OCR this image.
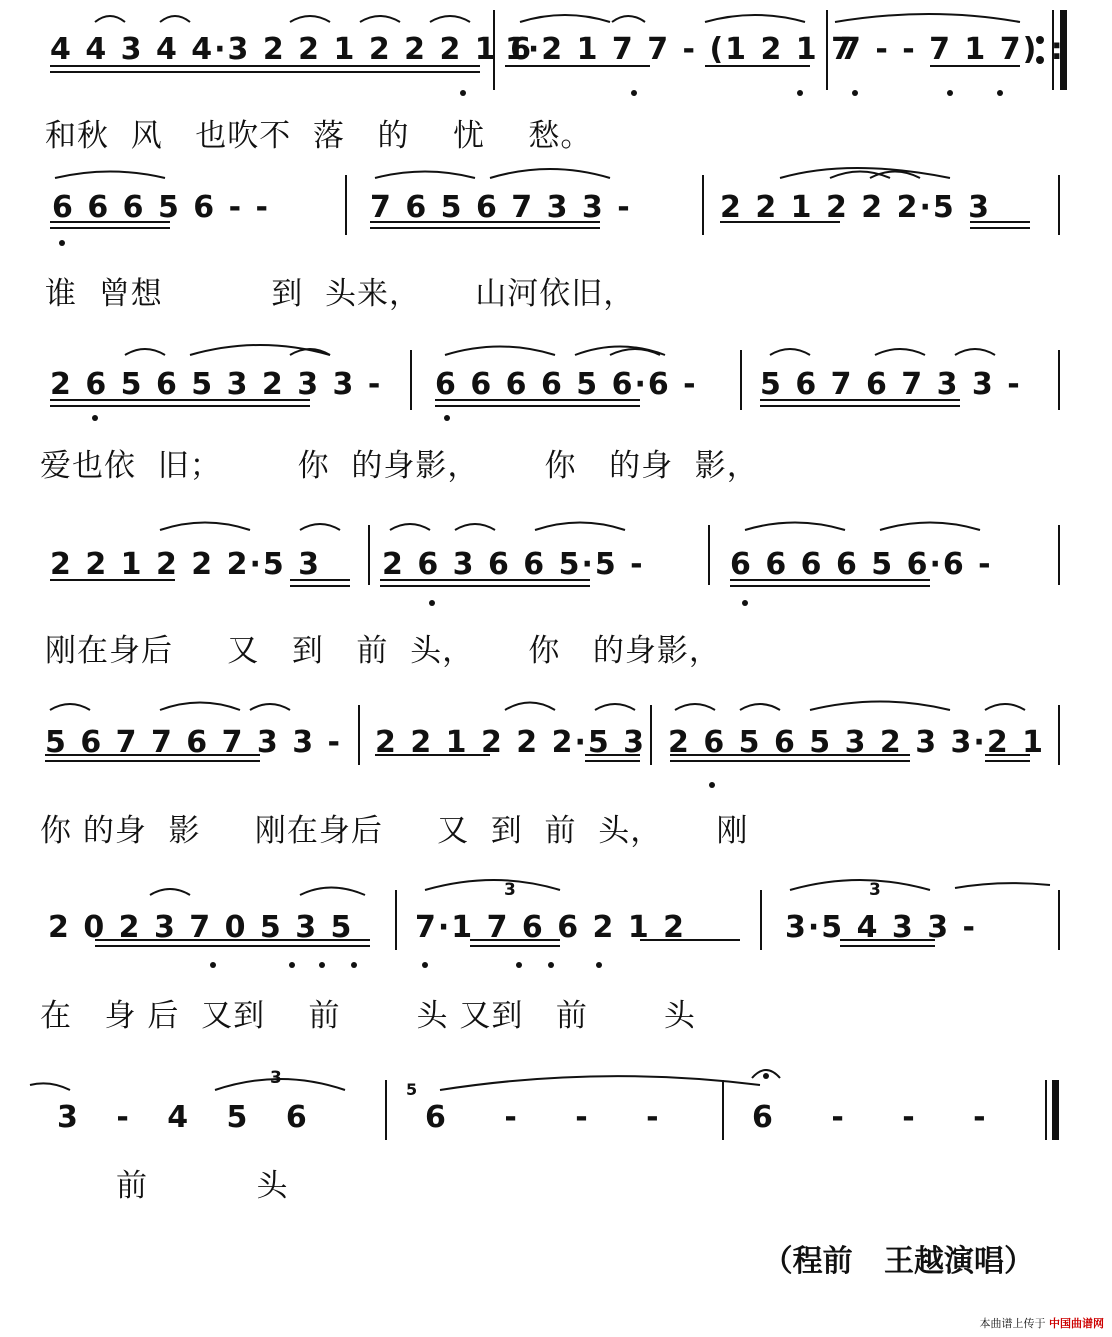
4 4 3 4 4·3 2 2 1 2 2 2 1 6
1·2 1 7 7 - (1 2 1 7
7 - - 7 1 7) :
和秋  风   也吹不  落   的    忧    愁。
6 6 6 5 6 - -	7 6 5 6 7 3 3 -	2 2 1 2 2 2·5 3
谁  曾想          到  头来，     山河依旧，
2 6 5 6 5 3 2 3 3 - 6 6 6 6 5 6·6 - 5 6 7 6 7 3 3 -
爱也依  旧；       你  的身影，      你   的身  影，
2 2 1 2 2 2·5 3 2 6 3 6 6 5·5 -	6 6 6 6 5 6·6 -
刚在身后     又   到   前  头，     你   的身影，
5 6 7 7 6 7 3 3 - 2 2 1 2 2 2·5 3 2 6 5 6 5 3 2 3 3·2 1
你 的身  影     刚在身后     又  到  前  头，     刚
2 0 2 3 7 0 5 3 5 7·1 7 6 6 2 1 2	3·5 4 3 3 -
在   身 后  又到    前       头 又到   前       头
3	3
3 - 4 5 6	6 - - -	6 - - -
3
5
前          头
（程前   王越演唱）
本曲谱上传于 中国曲谱网
